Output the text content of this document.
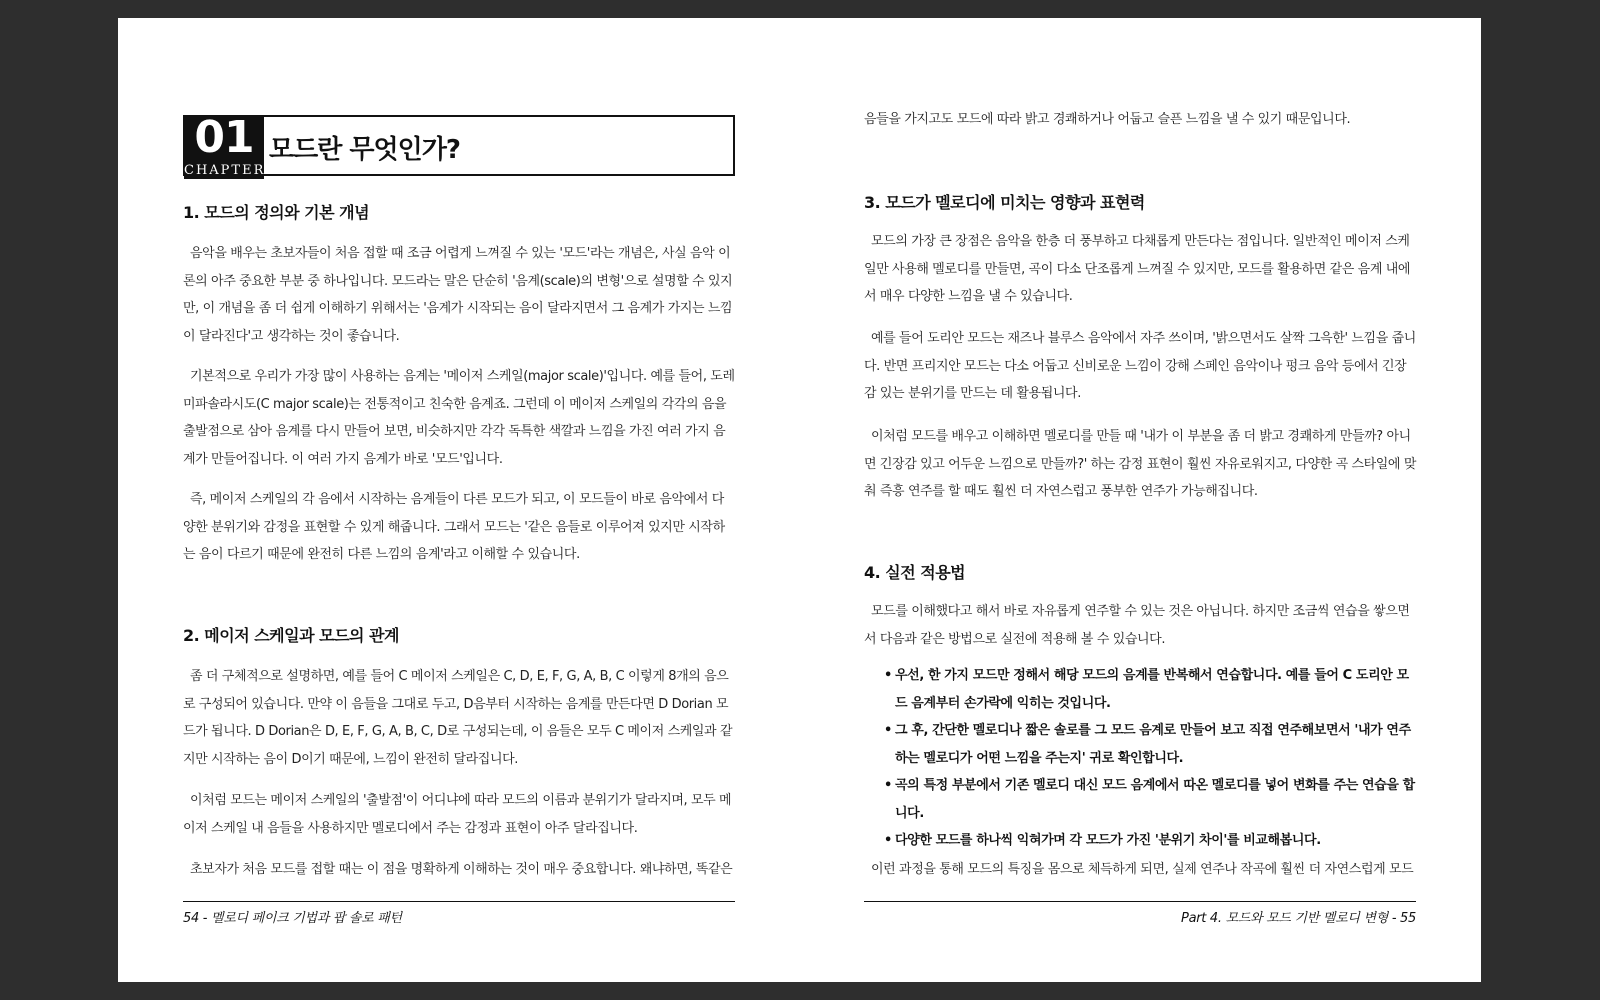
01
CHAPTER
모드란 무엇인가?
1. 모드의 정의와 기본 개념

음악을 배우는 초보자들이 처음 접할 때 조금 어렵게 느껴질 수 있는 '모드'라는 개념은, 사실 음악 이론의 아주 중요한 부분 중 하나입니다. 모드라는 말은 단순히 '음계(scale)의 변형'으로 설명할 수 있지만, 이 개념을 좀 더 쉽게 이해하기 위해서는 '음계가 시작되는 음이 달라지면서 그 음계가 가지는 느낌이 달라진다'고 생각하는 것이 좋습니다.

기본적으로 우리가 가장 많이 사용하는 음계는 '메이저 스케일(major scale)'입니다. 예를 들어, 도레미파솔라시도(C major scale)는 전통적이고 친숙한 음계죠. 그런데 이 메이저 스케일의 각각의 음을 출발점으로 삼아 음계를 다시 만들어 보면, 비슷하지만 각각 독특한 색깔과 느낌을 가진 여러 가지 음계가 만들어집니다. 이 여러 가지 음계가 바로 '모드'입니다.

즉, 메이저 스케일의 각 음에서 시작하는 음계들이 다른 모드가 되고, 이 모드들이 바로 음악에서 다양한 분위기와 감정을 표현할 수 있게 해줍니다. 그래서 모드는 '같은 음들로 이루어져 있지만 시작하는 음이 다르기 때문에 완전히 다른 느낌의 음계'라고 이해할 수 있습니다.

2. 메이저 스케일과 모드의 관계

좀 더 구체적으로 설명하면, 예를 들어 C 메이저 스케일은 C, D, E, F, G, A, B, C 이렇게 8개의 음으로 구성되어 있습니다. 만약 이 음들을 그대로 두고, D음부터 시작하는 음계를 만든다면 D Dorian 모드가 됩니다. D Dorian은 D, E, F, G, A, B, C, D로 구성되는데, 이 음들은 모두 C 메이저 스케일과 같지만 시작하는 음이 D이기 때문에, 느낌이 완전히 달라집니다.

이처럼 모드는 메이저 스케일의 '출발점'이 어디냐에 따라 모드의 이름과 분위기가 달라지며, 모두 메이저 스케일 내 음들을 사용하지만 멜로디에서 주는 감정과 표현이 아주 달라집니다.

초보자가 처음 모드를 접할 때는 이 점을 명확하게 이해하는 것이 매우 중요합니다. 왜냐하면, 똑같은

54 - 멜로디 페이크 기법과 팝 솔로 패턴

음들을 가지고도 모드에 따라 밝고 경쾌하거나 어둡고 슬픈 느낌을 낼 수 있기 때문입니다.

3. 모드가 멜로디에 미치는 영향과 표현력

모드의 가장 큰 장점은 음악을 한층 더 풍부하고 다채롭게 만든다는 점입니다. 일반적인 메이저 스케일만 사용해 멜로디를 만들면, 곡이 다소 단조롭게 느껴질 수 있지만, 모드를 활용하면 같은 음계 내에서 매우 다양한 느낌을 낼 수 있습니다.

예를 들어 도리안 모드는 재즈나 블루스 음악에서 자주 쓰이며, '밝으면서도 살짝 그윽한' 느낌을 줍니다. 반면 프리지안 모드는 다소 어둡고 신비로운 느낌이 강해 스페인 음악이나 펑크 음악 등에서 긴장감 있는 분위기를 만드는 데 활용됩니다.

이처럼 모드를 배우고 이해하면 멜로디를 만들 때 '내가 이 부분을 좀 더 밝고 경쾌하게 만들까? 아니면 긴장감 있고 어두운 느낌으로 만들까?' 하는 감정 표현이 훨씬 자유로워지고, 다양한 곡 스타일에 맞춰 즉흥 연주를 할 때도 훨씬 더 자연스럽고 풍부한 연주가 가능해집니다.

4. 실전 적용법

모드를 이해했다고 해서 바로 자유롭게 연주할 수 있는 것은 아닙니다. 하지만 조금씩 연습을 쌓으면서 다음과 같은 방법으로 실전에 적용해 볼 수 있습니다.

• 우선, 한 가지 모드만 정해서 해당 모드의 음계를 반복해서 연습합니다. 예를 들어 C 도리안 모드 음계부터 손가락에 익히는 것입니다.
• 그 후, 간단한 멜로디나 짧은 솔로를 그 모드 음계로 만들어 보고 직접 연주해보면서 '내가 연주하는 멜로디가 어떤 느낌을 주는지' 귀로 확인합니다.
• 곡의 특정 부분에서 기존 멜로디 대신 모드 음계에서 따온 멜로디를 넣어 변화를 주는 연습을 합니다.
• 다양한 모드를 하나씩 익혀가며 각 모드가 가진 '분위기 차이'를 비교해봅니다.

이런 과정을 통해 모드의 특징을 몸으로 체득하게 되면, 실제 연주나 작곡에 훨씬 더 자연스럽게 모드

Part 4. 모드와 모드 기반 멜로디 변형 - 55
